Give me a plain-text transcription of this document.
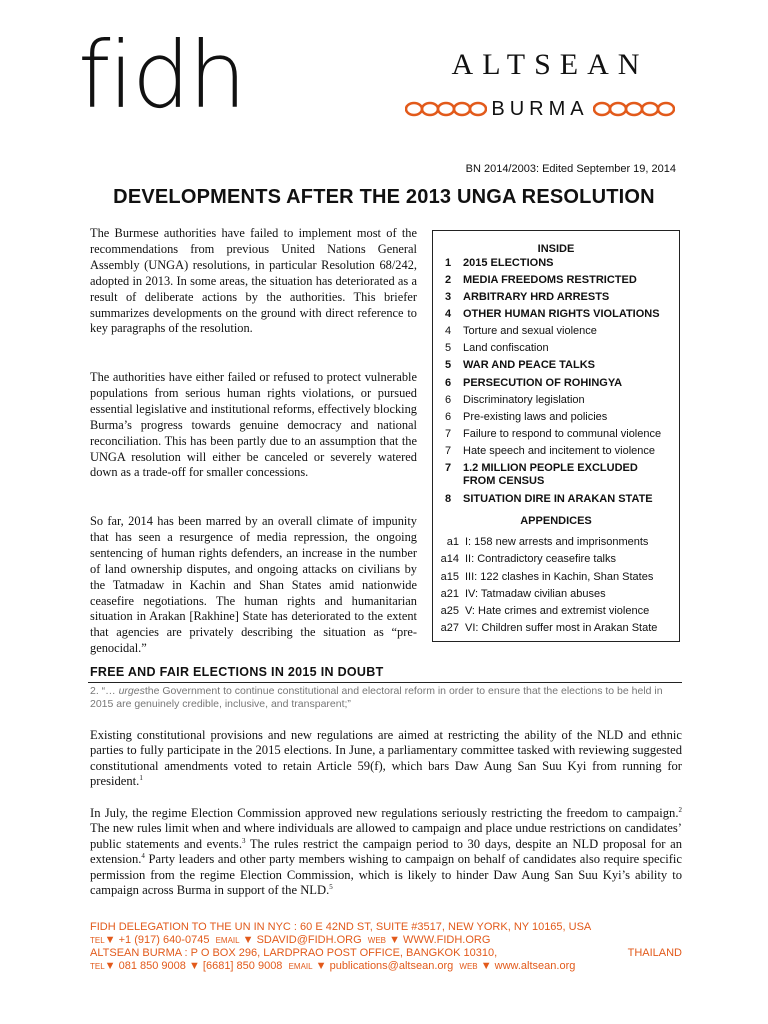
fidh	ALTSEAN
BURMA
BN 2014/2003: Edited September 19, 2014
DEVELOPMENTS AFTER THE 2013 UNGA RESOLUTION

The Burmese authorities have failed to implement most of the recommendations from previous United Nations General Assembly (UNGA) resolutions, in particular Resolution 68/242, adopted in 2013. In some areas, the situation has deteriorated as a result of deliberate actions by the authorities. This briefer summarizes developments on the ground with direct reference to key paragraphs of the resolution.

The authorities have either failed or refused to protect vulnerable populations from serious human rights violations, or pursued essential legislative and institutional reforms, effectively blocking Burma’s progress towards genuine democracy and national reconciliation. This has been partly due to an assumption that the UNGA resolution will either be canceled or severely watered down as a trade-off for smaller concessions.

So far, 2014 has been marred by an overall climate of impunity that has seen a resurgence of media repression, the ongoing sentencing of human rights defenders, an increase in the number of land ownership disputes, and ongoing attacks on civilians by the Tatmadaw in Kachin and Shan States amid nationwide ceasefire negotiations. The human rights and humanitarian situation in Arakan [Rakhine] State has deteriorated to the extent that agencies are privately describing the situation as “pre-genocidal.”

INSIDE
1	2015 ELECTIONS
2	MEDIA FREEDOMS RESTRICTED
3	ARBITRARY HRD ARRESTS
4	OTHER HUMAN RIGHTS VIOLATIONS
4	Torture and sexual violence
5	Land confiscation
5	WAR AND PEACE TALKS
6	PERSECUTION OF ROHINGYA
6	Discriminatory legislation
6	Pre-existing laws and policies
7	Failure to respond to communal violence
7	Hate speech and incitement to violence
7	1.2 MILLION PEOPLE EXCLUDED FROM CENSUS
8	SITUATION DIRE IN ARAKAN STATE
APPENDICES
a1 I: 158 new arrests and imprisonments
a14 II: Contradictory ceasefire talks
a15 III: 122 clashes in Kachin, Shan States
a21 IV: Tatmadaw civilian abuses
a25 V: Hate crimes and extremist violence
a27 VI: Children suffer most in Arakan State
FREE AND FAIR ELECTIONS IN 2015 IN DOUBT

2. “… urgesthe Government to continue constitutional and electoral reform in order to ensure that the elections to be held in 2015 are genuinely credible, inclusive, and transparent;”

Existing constitutional provisions and new regulations are aimed at restricting the ability of the NLD and ethnic parties to fully participate in the 2015 elections. In June, a parliamentary committee tasked with reviewing suggested constitutional amendments voted to retain Article 59(f), which bars Daw Aung San Suu Kyi from running for president.$^1$

In July, the regime Election Commission approved new regulations seriously restricting the freedom to campaign.$^2$ The new rules limit when and where individuals are allowed to campaign and place undue restrictions on candidates’ public statements and events.$^3$ The rules restrict the campaign period to 30 days, despite an NLD proposal for an extension.$^4$ Party leaders and other party members wishing to campaign on behalf of candidates also require specific permission from the regime Election Commission, which is likely to hinder Daw Aung San Suu Kyi’s ability to campaign across Burma in support of the NLD.$^5$

FIDH DELEGATION TO THE UN IN NYC : 60 E 42ND ST, SUITE #3517, NEW YORK, NY 10165, USA
TEL▼ +1 (917) 640-0745 EMAIL ▼ SDAVID@FIDH.ORG WEB ▼ WWW.FIDH.ORG
ALTSEAN BURMA : P O BOX 296, LARDPRAO POST OFFICE, BANGKOK 10310,	THAILAND
TEL▼ 081 850 9008 ▼ [6681] 850 9008 EMAIL ▼ publications@altsean.org WEB ▼ www.altsean.org
